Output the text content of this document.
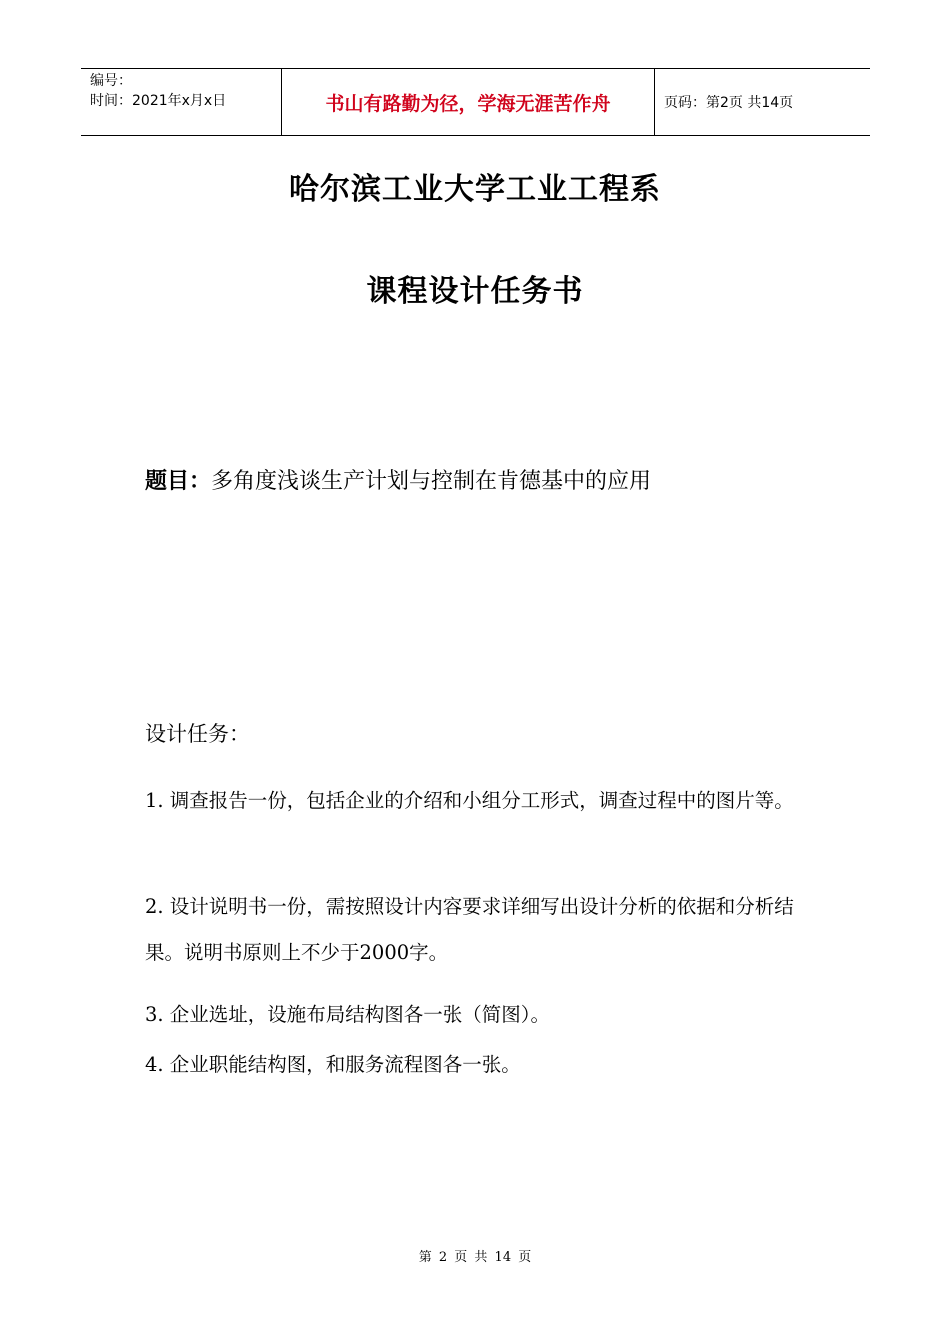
编号：
时间：2021年x月x日	书山有路勤为径，学海无涯苦作舟	页码：第2页 共14页
哈尔滨工业大学工业工程系
课程设计任务书
题目：多角度浅谈生产计划与控制在肯德基中的应用
设计任务：
1. 调查报告一份，包括企业的介绍和小组分工形式，调查过程中的图片等。
2. 设计说明书一份，需按照设计内容要求详细写出设计分析的依据和分析结果。说明书原则上不少于2000字。
3. 企业选址，设施布局结构图各一张（简图）。
4. 企业职能结构图，和服务流程图各一张。
第 2 页 共 14 页
